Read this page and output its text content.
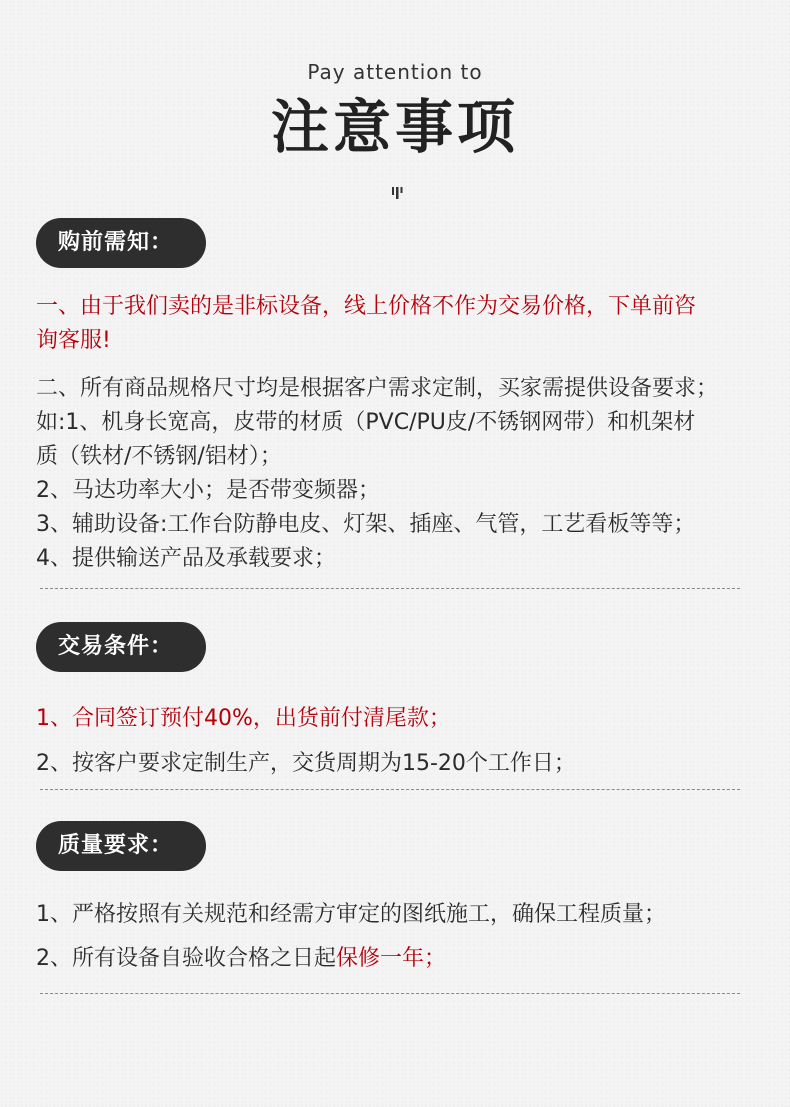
Pay attention to
注意事项
购前需知：

一、由于我们卖的是非标设备，线上价格不作为交易价格，下单前咨

询客服!

二、所有商品规格尺寸均是根据客户需求定制，买家需提供设备要求；

如:1、机身长宽高，皮带的材质（PVC/PU皮/不锈钢网带）和机架材

质（铁材/不锈钢/铝材）；

2、马达功率大小；是否带变频器；

3、辅助设备:工作台防静电皮、灯架、插座、气管，工艺看板等等；

4、提供输送产品及承载要求；

交易条件：

1、合同签订预付40%，出货前付清尾款；

2、按客户要求定制生产，交货周期为15-20个工作日；

质量要求：

1、严格按照有关规范和经需方审定的图纸施工，确保工程质量；

2、所有设备自验收合格之日起保修一年；
